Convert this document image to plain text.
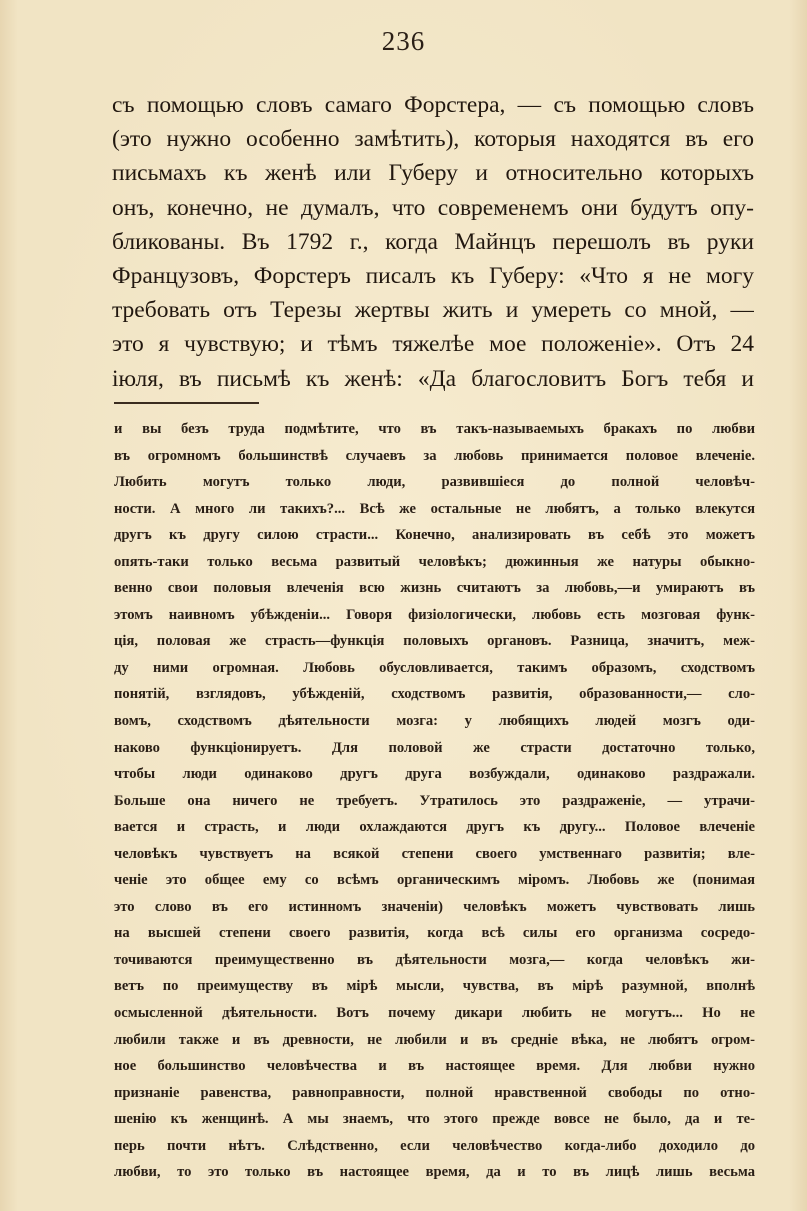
236
съ помощью словъ самаго Форстера, — съ помощью словъ
(это нужно особенно замѣтить), которыя находятся въ его
письмахъ къ женѣ или Губеру и относительно которыхъ
онъ, конечно, не думалъ, что современемъ они будутъ опу-
бликованы. Въ 1792 г., когда Майнцъ перешолъ въ руки
Французовъ, Форстеръ писалъ къ Губеру: «Что я не могу
требовать отъ Терезы жертвы жить и умереть со мной, —
это я чувствую; и тѣмъ тяжелѣе мое положеніе». Отъ 24
іюля, въ письмѣ къ женѣ: «Да благословитъ Богъ тебя и
и вы безъ труда подмѣтите, что въ такъ-называемыхъ бракахъ по любви
въ огромномъ большинствѣ случаевъ за любовь принимается половое влеченіе.
Любить могутъ только люди, развившіеся до полной человѣч-
ности. А много ли такихъ?... Всѣ же остальные не любятъ, а только влекутся
другъ къ другу силою страсти... Конечно, анализировать въ себѣ это можетъ
опять-таки только весьма развитый человѣкъ; дюжинныя же натуры обыкно-
венно свои половыя влеченія всю жизнь считаютъ за любовь,—и умираютъ въ
этомъ наивномъ убѣжденіи... Говоря физіологически, любовь есть мозговая функ-
ція, половая же страсть—функція половыхъ органовъ. Разница, значитъ, меж-
ду ними огромная. Любовь обусловливается, такимъ образомъ, сходствомъ
понятій, взглядовъ, убѣжденій, сходствомъ развитія, образованности,— сло-
вомъ, сходствомъ дѣятельности мозга: у любящихъ людей мозгъ оди-
наково функціонируетъ. Для половой же страсти достаточно только,
чтобы люди одинаково другъ друга возбуждали, одинаково раздражали.
Больше она ничего не требуетъ. Утратилось это раздраженіе, — утрачи-
вается и страсть, и люди охлаждаются другъ къ другу... Половое влеченіе
человѣкъ чувствуетъ на всякой степени своего умственнаго развитія; вле-
ченіе это общее ему со всѣмъ органическимъ міромъ. Любовь же (понимая
это слово въ его истинномъ значеніи) человѣкъ можетъ чувствовать лишь
на высшей степени своего развитія, когда всѣ силы его организма сосредо-
точиваются преимущественно въ дѣятельности мозга,— когда человѣкъ жи-
ветъ по преимуществу въ мірѣ мысли, чувства, въ мірѣ разумной, вполнѣ
осмысленной дѣятельности. Вотъ почему дикари любить не могутъ... Но не
любили также и въ древности, не любили и въ средніе вѣка, не любятъ огром-
ное большинство человѣчества и въ настоящее время. Для любви нужно
признаніе равенства, равноправности, полной нравственной свободы по отно-
шенію къ женщинѣ. А мы знаемъ, что этого прежде вовсе не было, да и те-
перь почти нѣтъ. Слѣдственно, если человѣчество когда-либо доходило до
любви, то это только въ настоящее время, да и то въ лицѣ лишь весьма
